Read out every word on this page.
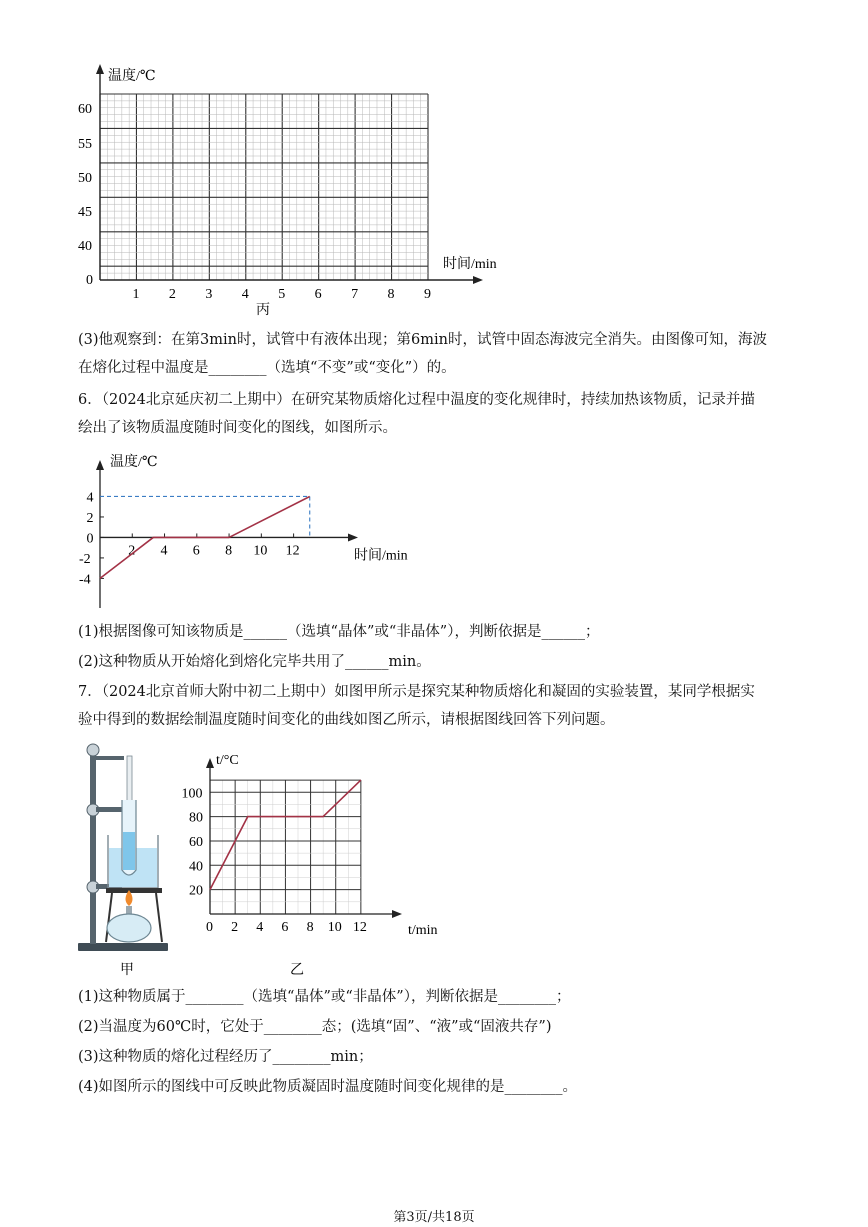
温度/℃
时间/min
60
55
50
45
40
0
1 2 3 4 5 6 7 8 9
丙
(3)他观察到：在第3min时，试管中有液体出现；第6min时，试管中固态海波完全消失。由图像可知，海波
在熔化过程中温度是________（选填“不变”或“变化”）的。
6．（2024北京延庆初二上期中）在研究某物质熔化过程中温度的变化规律时，持续加热该物质，记录并描
绘出了该物质温度随时间变化的图线，如图所示。
2 4 6 8 10 12
4
2
0
-2
-4
温度/℃
时间/min
(1)根据图像可知该物质是______（选填“晶体”或“非晶体”），判断依据是______；
(2)这种物质从开始熔化到熔化完毕共用了______min。
7．（2024北京首师大附中初二上期中）如图甲所示是探究某种物质熔化和凝固的实验装置，某同学根据实
验中得到的数据绘制温度随时间变化的曲线如图乙所示，请根据图线回答下列问题。
甲
0 2 4 6 8 10 12
20
40
60
80
100
t/°C
t/min
乙
(1)这种物质属于________（选填“晶体”或“非晶体”），判断依据是________；
(2)当温度为60℃时，它处于________态；(选填“固”、“液”或“固液共存”)
(3)这种物质的熔化过程经历了________min；
(4)如图所示的图线中可反映此物质凝固时温度随时间变化规律的是________。
第3页/共18页
